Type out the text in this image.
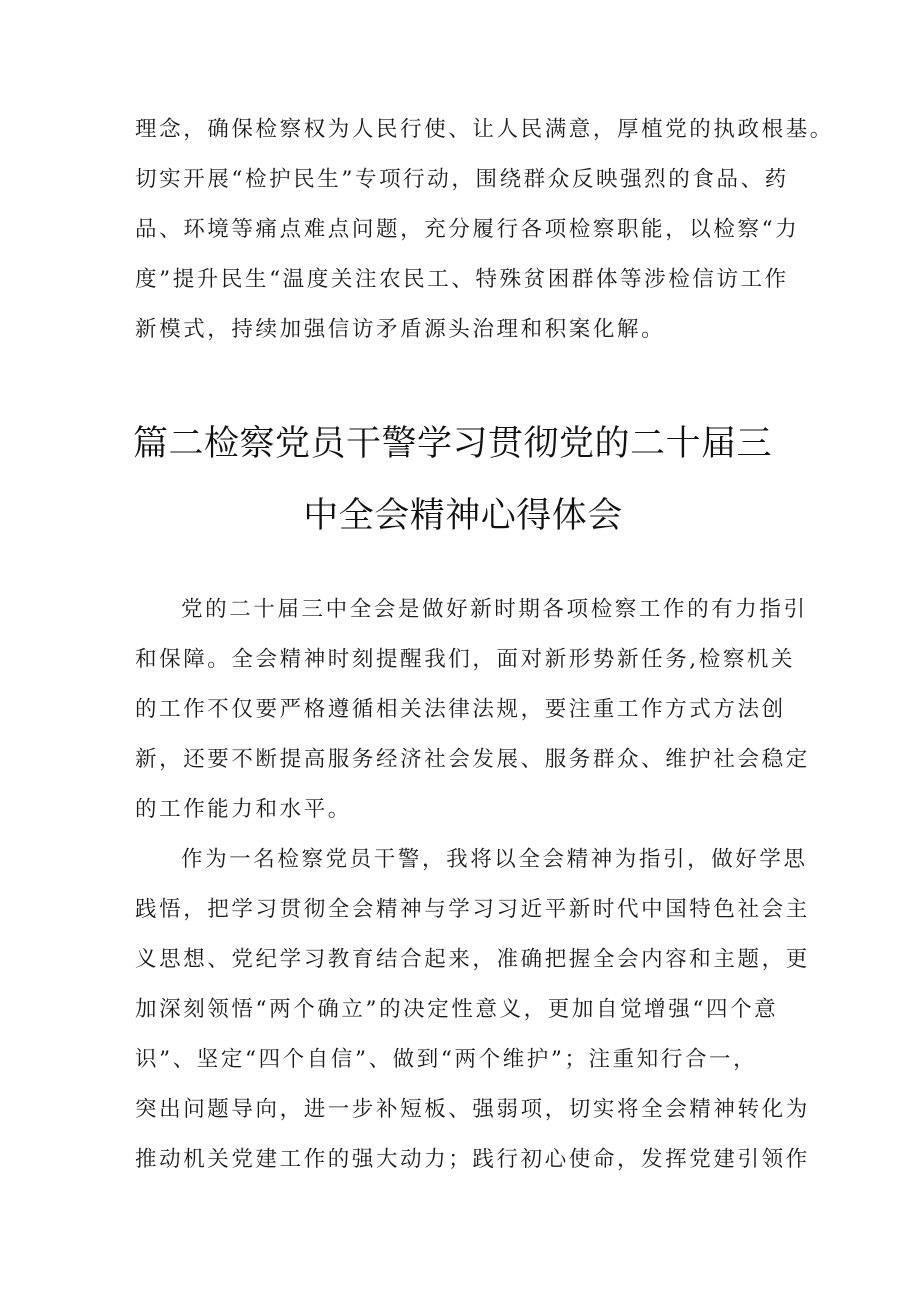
理念，确保检察权为人民行使、让人民满意，厚植党的执政根基。
切实开展“检护民生”专项行动，围绕群众反映强烈的食品、药
品、环境等痛点难点问题，充分履行各项检察职能，以检察“力
度”提升民生“温度关注农民工、特殊贫困群体等涉检信访工作
新模式，持续加强信访矛盾源头治理和积案化解。
篇二检察党员干警学习贯彻党的二十届三
中全会精神心得体会
党的二十届三中全会是做好新时期各项检察工作的有力指引
和保障。全会精神时刻提醒我们，面对新形势新任务,检察机关
的工作不仅要严格遵循相关法律法规，要注重工作方式方法创
新，还要不断提高服务经济社会发展、服务群众、维护社会稳定
的工作能力和水平。
作为一名检察党员干警，我将以全会精神为指引，做好学思
践悟，把学习贯彻全会精神与学习习近平新时代中国特色社会主
义思想、党纪学习教育结合起来，准确把握全会内容和主题，更
加深刻领悟“两个确立”的决定性意义，更加自觉增强“四个意
识”、坚定“四个自信”、做到“两个维护”；注重知行合一，
突出问题导向，进一步补短板、强弱项，切实将全会精神转化为
推动机关党建工作的强大动力；践行初心使命，发挥党建引领作
